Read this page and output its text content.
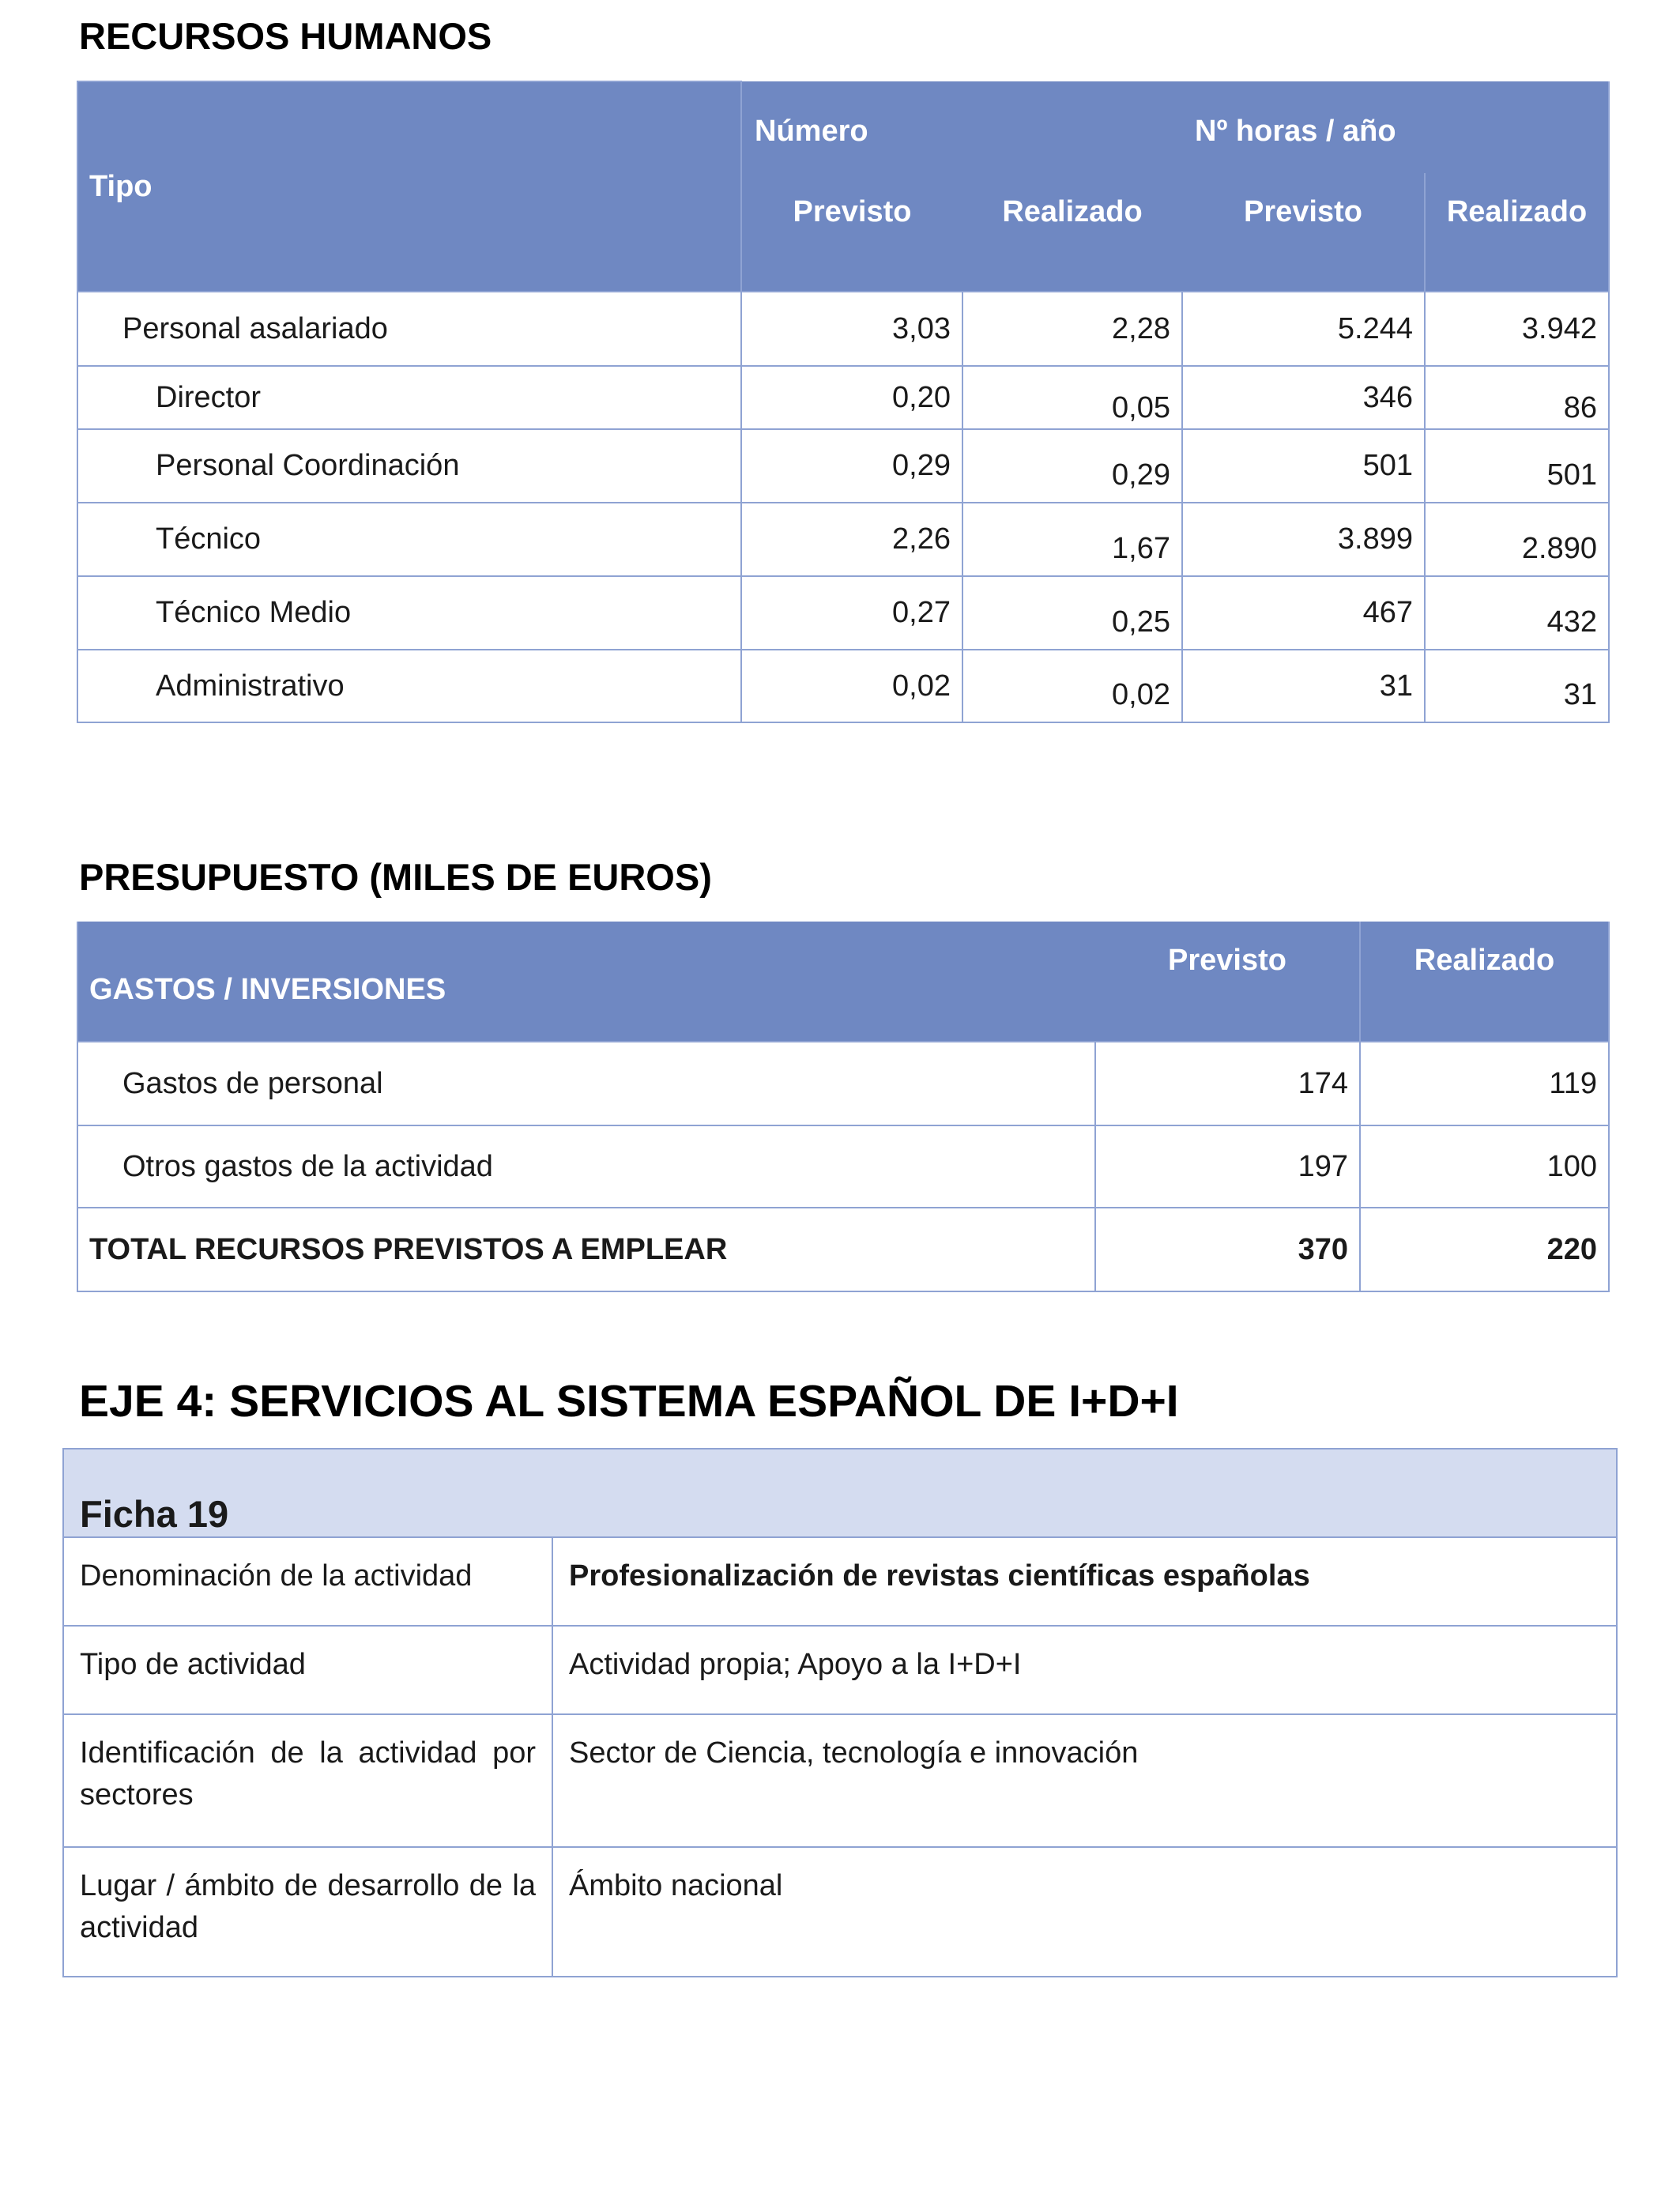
RECURSOS HUMANOS
Tipo	Número		Nº horas / año	
	Previsto	Realizado	Previsto	Realizado
Personal asalariado	3,03	2,28	5.244	3.942
Director	0,20	0,05	346	86
Personal Coordinación	0,29	0,29	501	501
Técnico	2,26	1,67	3.899	2.890
Técnico Medio	0,27	0,25	467	432
Administrativo	0,02	0,02	31	31
PRESUPUESTO (MILES DE EUROS)
GASTOS / INVERSIONES	Previsto	Realizado
Gastos de personal	174	119
Otros gastos de la actividad	197	100
TOTAL RECURSOS PREVISTOS A EMPLEAR	370	220
EJE 4: SERVICIOS AL SISTEMA ESPAÑOL DE I+D+I
Ficha 19	
Denominación de la actividad	Profesionalización de revistas científicas españolas
Tipo de actividad	Actividad propia; Apoyo a la I+D+I
Identificación de la actividad por sectores	Sector de Ciencia, tecnología e innovación
Lugar / ámbito de desarrollo de la actividad	Ámbito nacional
